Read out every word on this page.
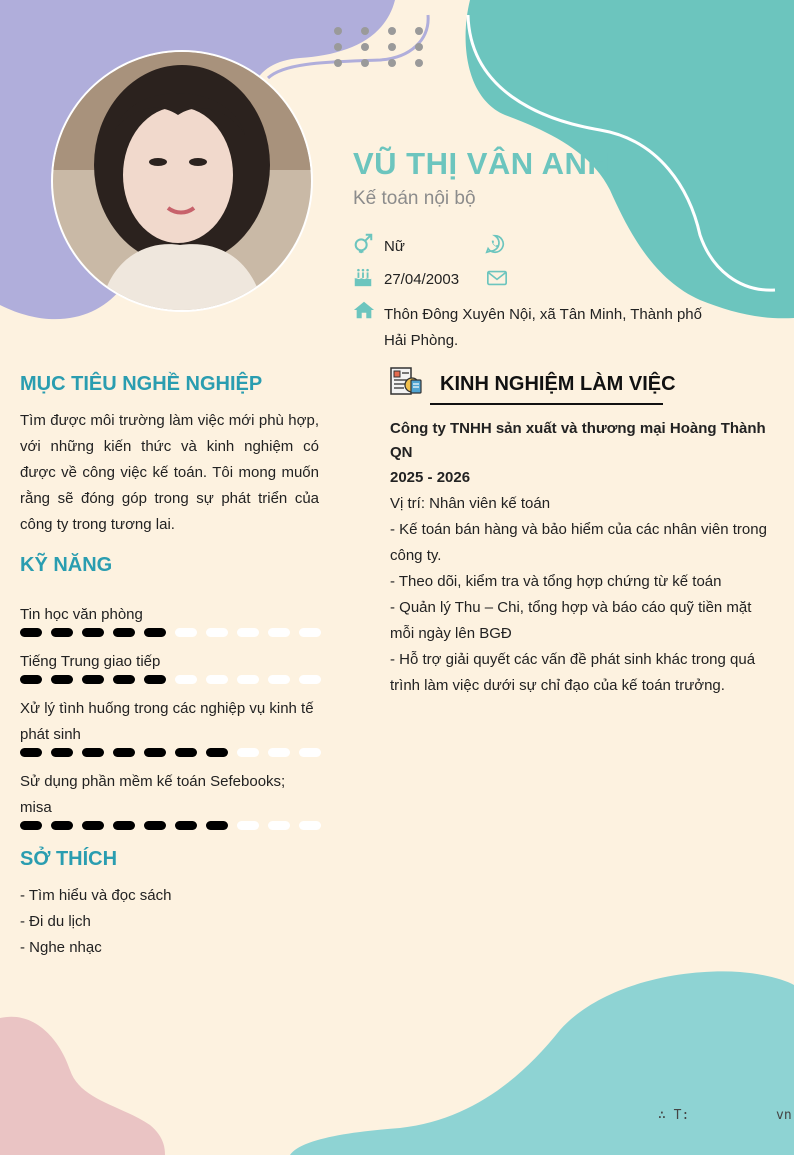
VŨ THỊ VÂN ANH
Kế toán nội bộ
Nữ
27/04/2003
Thôn Đông Xuyên Nội, xã Tân Minh, Thành phố Hải Phòng.
MỤC TIÊU NGHỀ NGHIỆP
Tìm được môi trường làm việc mới phù hợp, với những kiến thức và kinh nghiệm có được về công việc kế toán. Tôi mong muốn rằng sẽ đóng góp trong sự phát triển của công ty trong tương lai.
KỸ NĂNG
Tin học văn phòng
Tiếng Trung giao tiếp
Xử lý tình huống trong các nghiệp vụ kinh tế phát sinh
Sử dụng phần mềm kế toán Sefebooks; misa
SỞ THÍCH
- Tìm hiểu và đọc sách
- Đi du lịch
- Nghe nhạc
KINH NGHIỆM LÀM VIỆC
Công ty TNHH sản xuất và thương mại Hoàng Thành QN
2025 - 2026
Vị trí: Nhân viên kế toán
- Kế toán bán hàng và bảo hiểm của các nhân viên trong công ty.
- Theo dõi, kiểm tra và tổng hợp chứng từ kế toán
- Quản lý Thu – Chi, tổng hợp và báo cáo quỹ tiền mặt mỗi ngày lên BGĐ
- Hỗ trợ giải quyết các vấn đề phát sinh khác trong quá trình làm việc dưới sự chỉ đạo của kế toán trưởng.
∴ T:	vn
